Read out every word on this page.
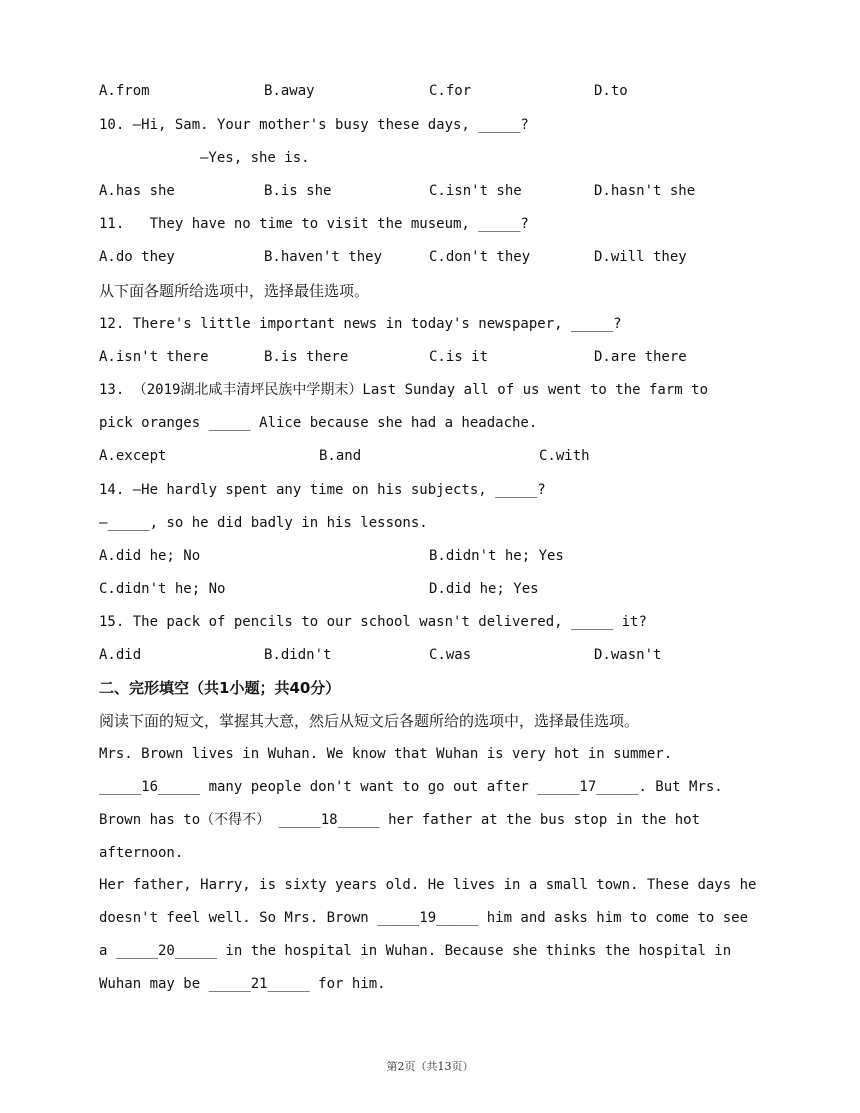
A.from	B.away	C.for	D.to
10. —Hi, Sam. Your mother's busy these days, _____?
—Yes, she is.
A.has she	B.is she	C.isn't she	D.hasn't she
11.   They have no time to visit the museum, _____?
A.do they	B.haven't they	C.don't they	D.will they
从下面各题所给选项中，选择最佳选项。
12. There's little important news in today's newspaper, _____?
A.isn't there	B.is there	C.is it	D.are there
13. （2019湖北咸丰清坪民族中学期末）Last Sunday all of us went to the farm to
pick oranges _____ Alice because she had a headache.
A.except	B.and	C.with
14. —He hardly spent any time on his subjects, _____?
—_____, so he did badly in his lessons.
A.did he; No	B.didn't he; Yes
C.didn't he; No	D.did he; Yes
15. The pack of pencils to our school wasn't delivered, _____ it?
A.did	B.didn't	C.was	D.wasn't
二、完形填空（共1小题；共40分）
阅读下面的短文，掌握其大意，然后从短文后各题所给的选项中，选择最佳选项。
Mrs. Brown lives in Wuhan. We know that Wuhan is very hot in summer.
_____16_____ many people don't want to go out after _____17_____. But Mrs.
Brown has to（不得不） _____18_____ her father at the bus stop in the hot
afternoon.
Her father, Harry, is sixty years old. He lives in a small town. These days he
doesn't feel well. So Mrs. Brown _____19_____ him and asks him to come to see
a _____20_____ in the hospital in Wuhan. Because she thinks the hospital in
Wuhan may be _____21_____ for him.
第2页（共13页）
